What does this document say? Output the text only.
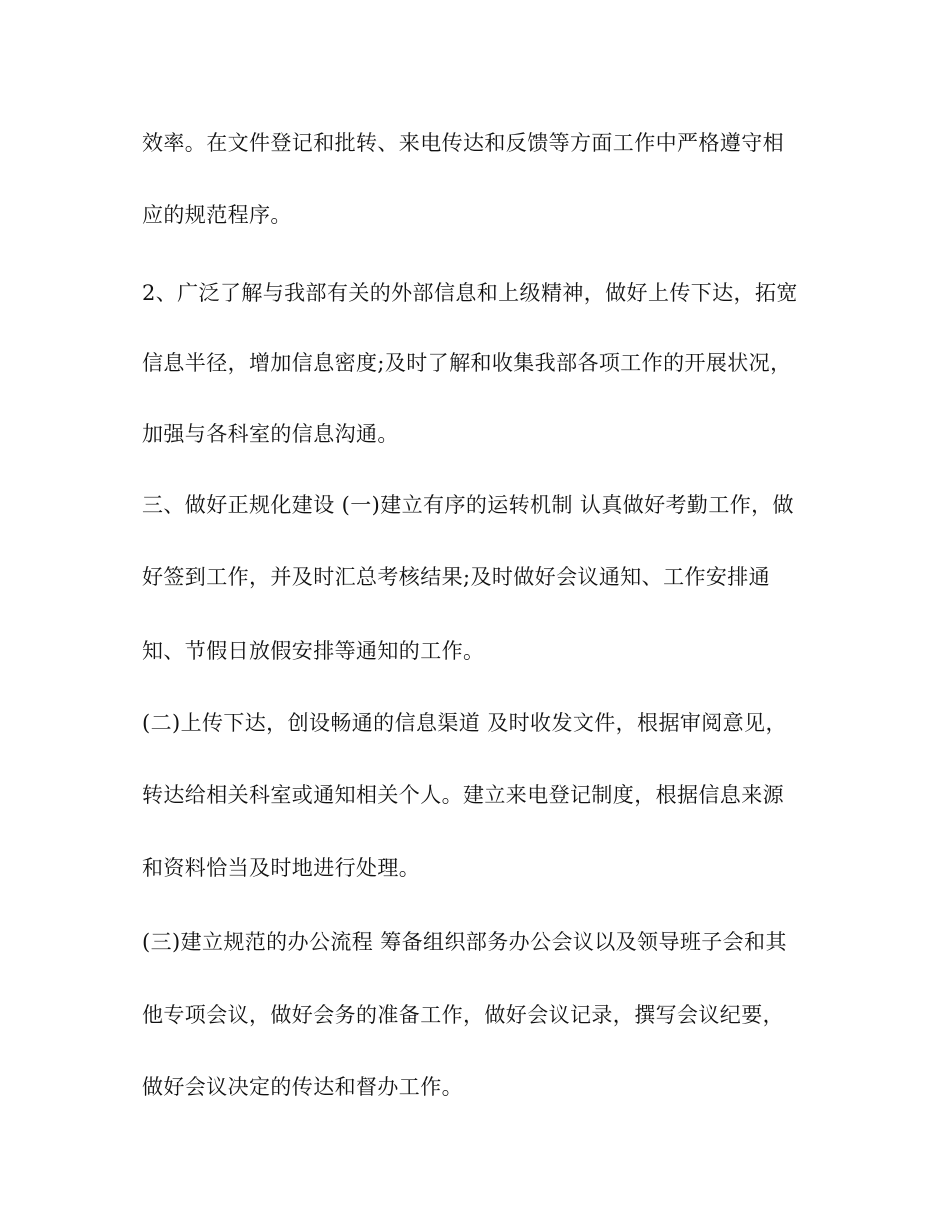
效率。在文件登记和批转、来电传达和反馈等方面工作中严格遵守相
应的规范程序。
2、广泛了解与我部有关的外部信息和上级精神，做好上传下达，拓宽
信息半径，增加信息密度;及时了解和收集我部各项工作的开展状况，
加强与各科室的信息沟通。
三、做好正规化建设 (一)建立有序的运转机制 认真做好考勤工作，做
好签到工作，并及时汇总考核结果;及时做好会议通知、工作安排通
知、节假日放假安排等通知的工作。
(二)上传下达，创设畅通的信息渠道 及时收发文件，根据审阅意见，
转达给相关科室或通知相关个人。建立来电登记制度，根据信息来源
和资料恰当及时地进行处理。
(三)建立规范的办公流程 筹备组织部务办公会议以及领导班子会和其
他专项会议，做好会务的准备工作，做好会议记录，撰写会议纪要，
做好会议决定的传达和督办工作。
